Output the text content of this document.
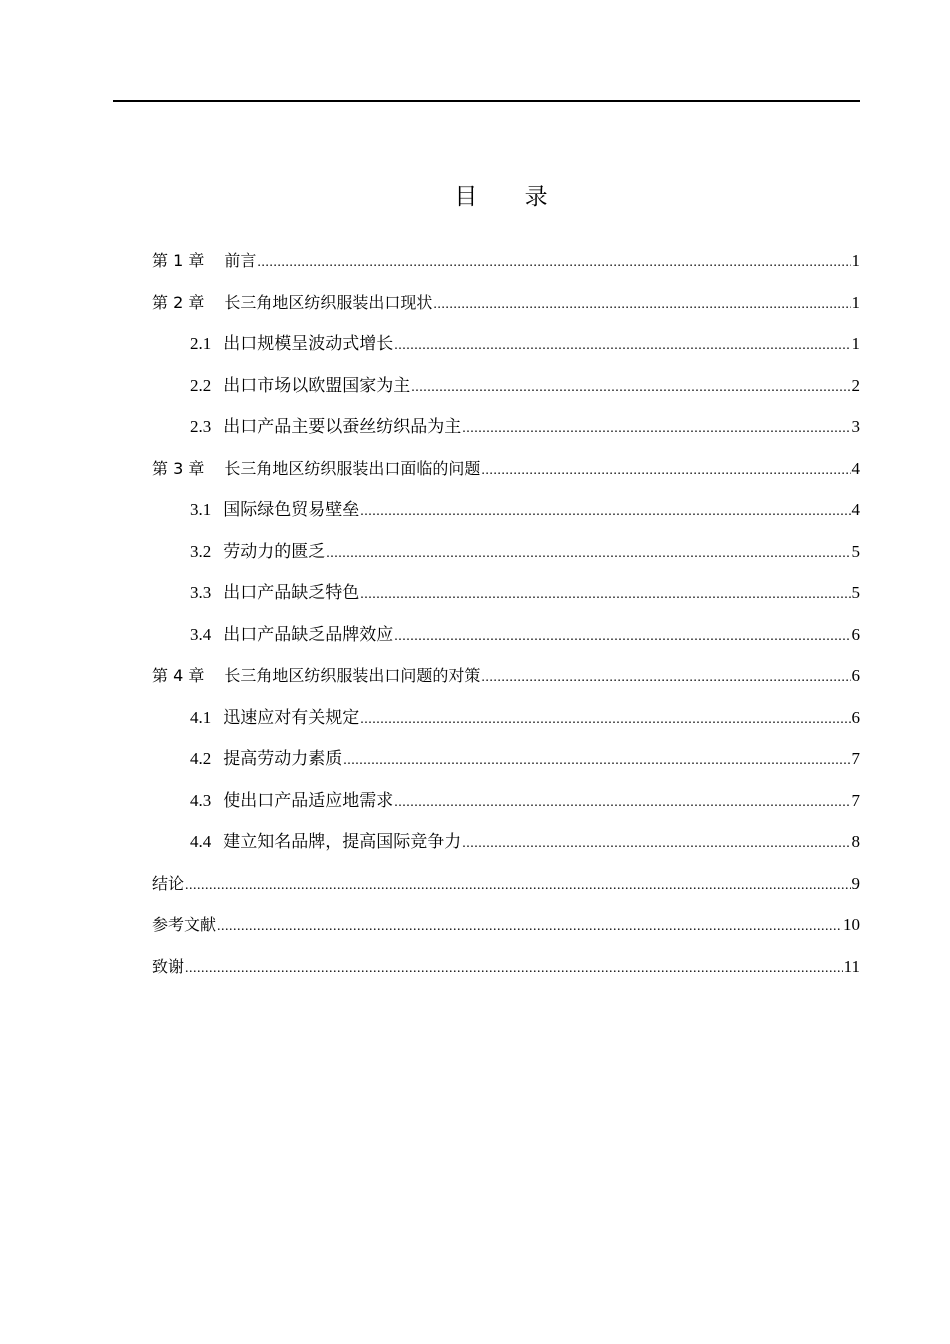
目 录
第 1 章 前言 .....	1
第 2 章 长三角地区纺织服装出口现状 .....	1
2.1 出口规模呈波动式增长 .....	1
2.2 出口市场以欧盟国家为主 .....	2
2.3 出口产品主要以蚕丝纺织品为主 .....	3
第 3 章 长三角地区纺织服装出口面临的问题 .....	4
3.1 国际绿色贸易壁垒 .....	4
3.2 劳动力的匮乏 .....	5
3.3 出口产品缺乏特色 .....	5
3.4 出口产品缺乏品牌效应 .....	6
第 4 章 长三角地区纺织服装出口问题的对策 .....	6
4.1 迅速应对有关规定 .....	6
4.2 提高劳动力素质 .....	7
4.3 使出口产品适应地需求 .....	7
4.4 建立知名品牌，提高国际竞争力 .....	8
结论 .....	9
参考文献 .....	10
致谢 .....	11
